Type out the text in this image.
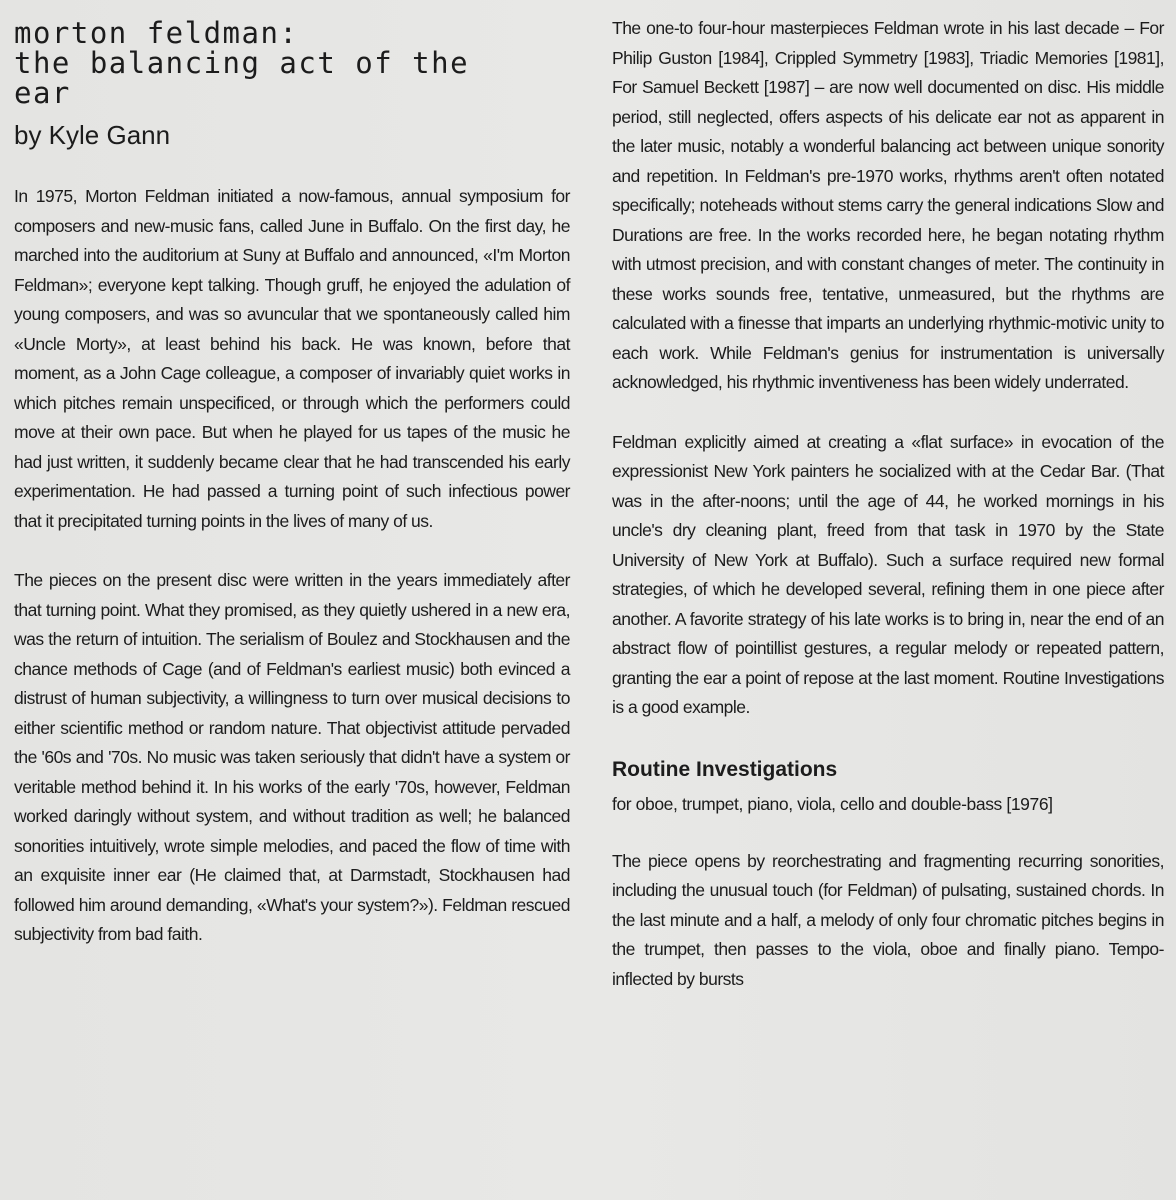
morton feldman:
the balancing act of the
ear
by Kyle Gann

In 1975, Morton Feldman initiated a now-famous, annual symposium for composers and new-music fans, called June in Buffalo. On the first day, he marched into the auditorium at Suny at Buffalo and announced, «I'm Morton Feldman»; everyone kept talking. Though gruff, he enjoyed the adulation of young composers, and was so avuncular that we spontaneously called him «Uncle Morty», at least behind his back. He was known, before that moment, as a John Cage colleague, a composer of invariably quiet works in which pitches remain unspecificed, or through which the performers could move at their own pace. But when he played for us tapes of the music he had just written, it suddenly became clear that he had transcended his early experimentation. He had passed a turning point of such infectious power that it precipitated turning points in the lives of many of us.

The pieces on the present disc were written in the years immediately after that turning point. What they promised, as they quietly ushered in a new era, was the return of intuition. The serialism of Boulez and Stockhausen and the chance methods of Cage (and of Feldman's earliest music) both evinced a distrust of human subjectivity, a willingness to turn over musical decisions to either scientific method or random nature. That objectivist attitude pervaded the '60s and '70s. No music was taken seriously that didn't have a system or veritable method behind it. In his works of the early '70s, however, Feldman worked daringly without system, and without tradition as well; he balanced sonorities intuitively, wrote simple melodies, and paced the flow of time with an exquisite inner ear (He claimed that, at Darmstadt, Stockhausen had followed him around demanding, «What's your system?»). Feldman rescued subjectivity from bad faith.

The one-to four-hour masterpieces Feldman wrote in his last decade – For Philip Guston [1984], Crippled Symmetry [1983], Triadic Memories [1981], For Samuel Beckett [1987] – are now well documented on disc. His middle period, still neglected, offers aspects of his delicate ear not as apparent in the later music, notably a wonderful balancing act between unique sonority and repetition. In Feldman's pre-1970 works, rhythms aren't often notated specifically; noteheads without stems carry the general indications Slow and Durations are free. In the works recorded here, he began notating rhythm with utmost precision, and with constant changes of meter. The continuity in these works sounds free, tentative, unmeasured, but the rhythms are calculated with a finesse that imparts an underlying rhythmic-motivic unity to each work. While Feldman's genius for instrumentation is universally acknowledged, his rhythmic inventiveness has been widely underrated.

Feldman explicitly aimed at creating a «flat surface» in evocation of the expressionist New York painters he socialized with at the Cedar Bar. (That was in the after-noons; until the age of 44, he worked mornings in his uncle's dry cleaning plant, freed from that task in 1970 by the State University of New York at Buffalo). Such a surface required new formal strategies, of which he developed several, refining them in one piece after another. A favorite strategy of his late works is to bring in, near the end of an abstract flow of pointillist gestures, a regular melody or repeated pattern, granting the ear a point of repose at the last moment. Routine Investigations is a good example.

Routine Investigations
for oboe, trumpet, piano, viola, cello and double-bass [1976]

The piece opens by reorchestrating and fragmenting recurring sonorities, including the unusual touch (for Feldman) of pulsating, sustained chords. In the last minute and a half, a melody of only four chromatic pitches begins in the trumpet, then passes to the viola, oboe and finally piano. Tempo-inflected by bursts
